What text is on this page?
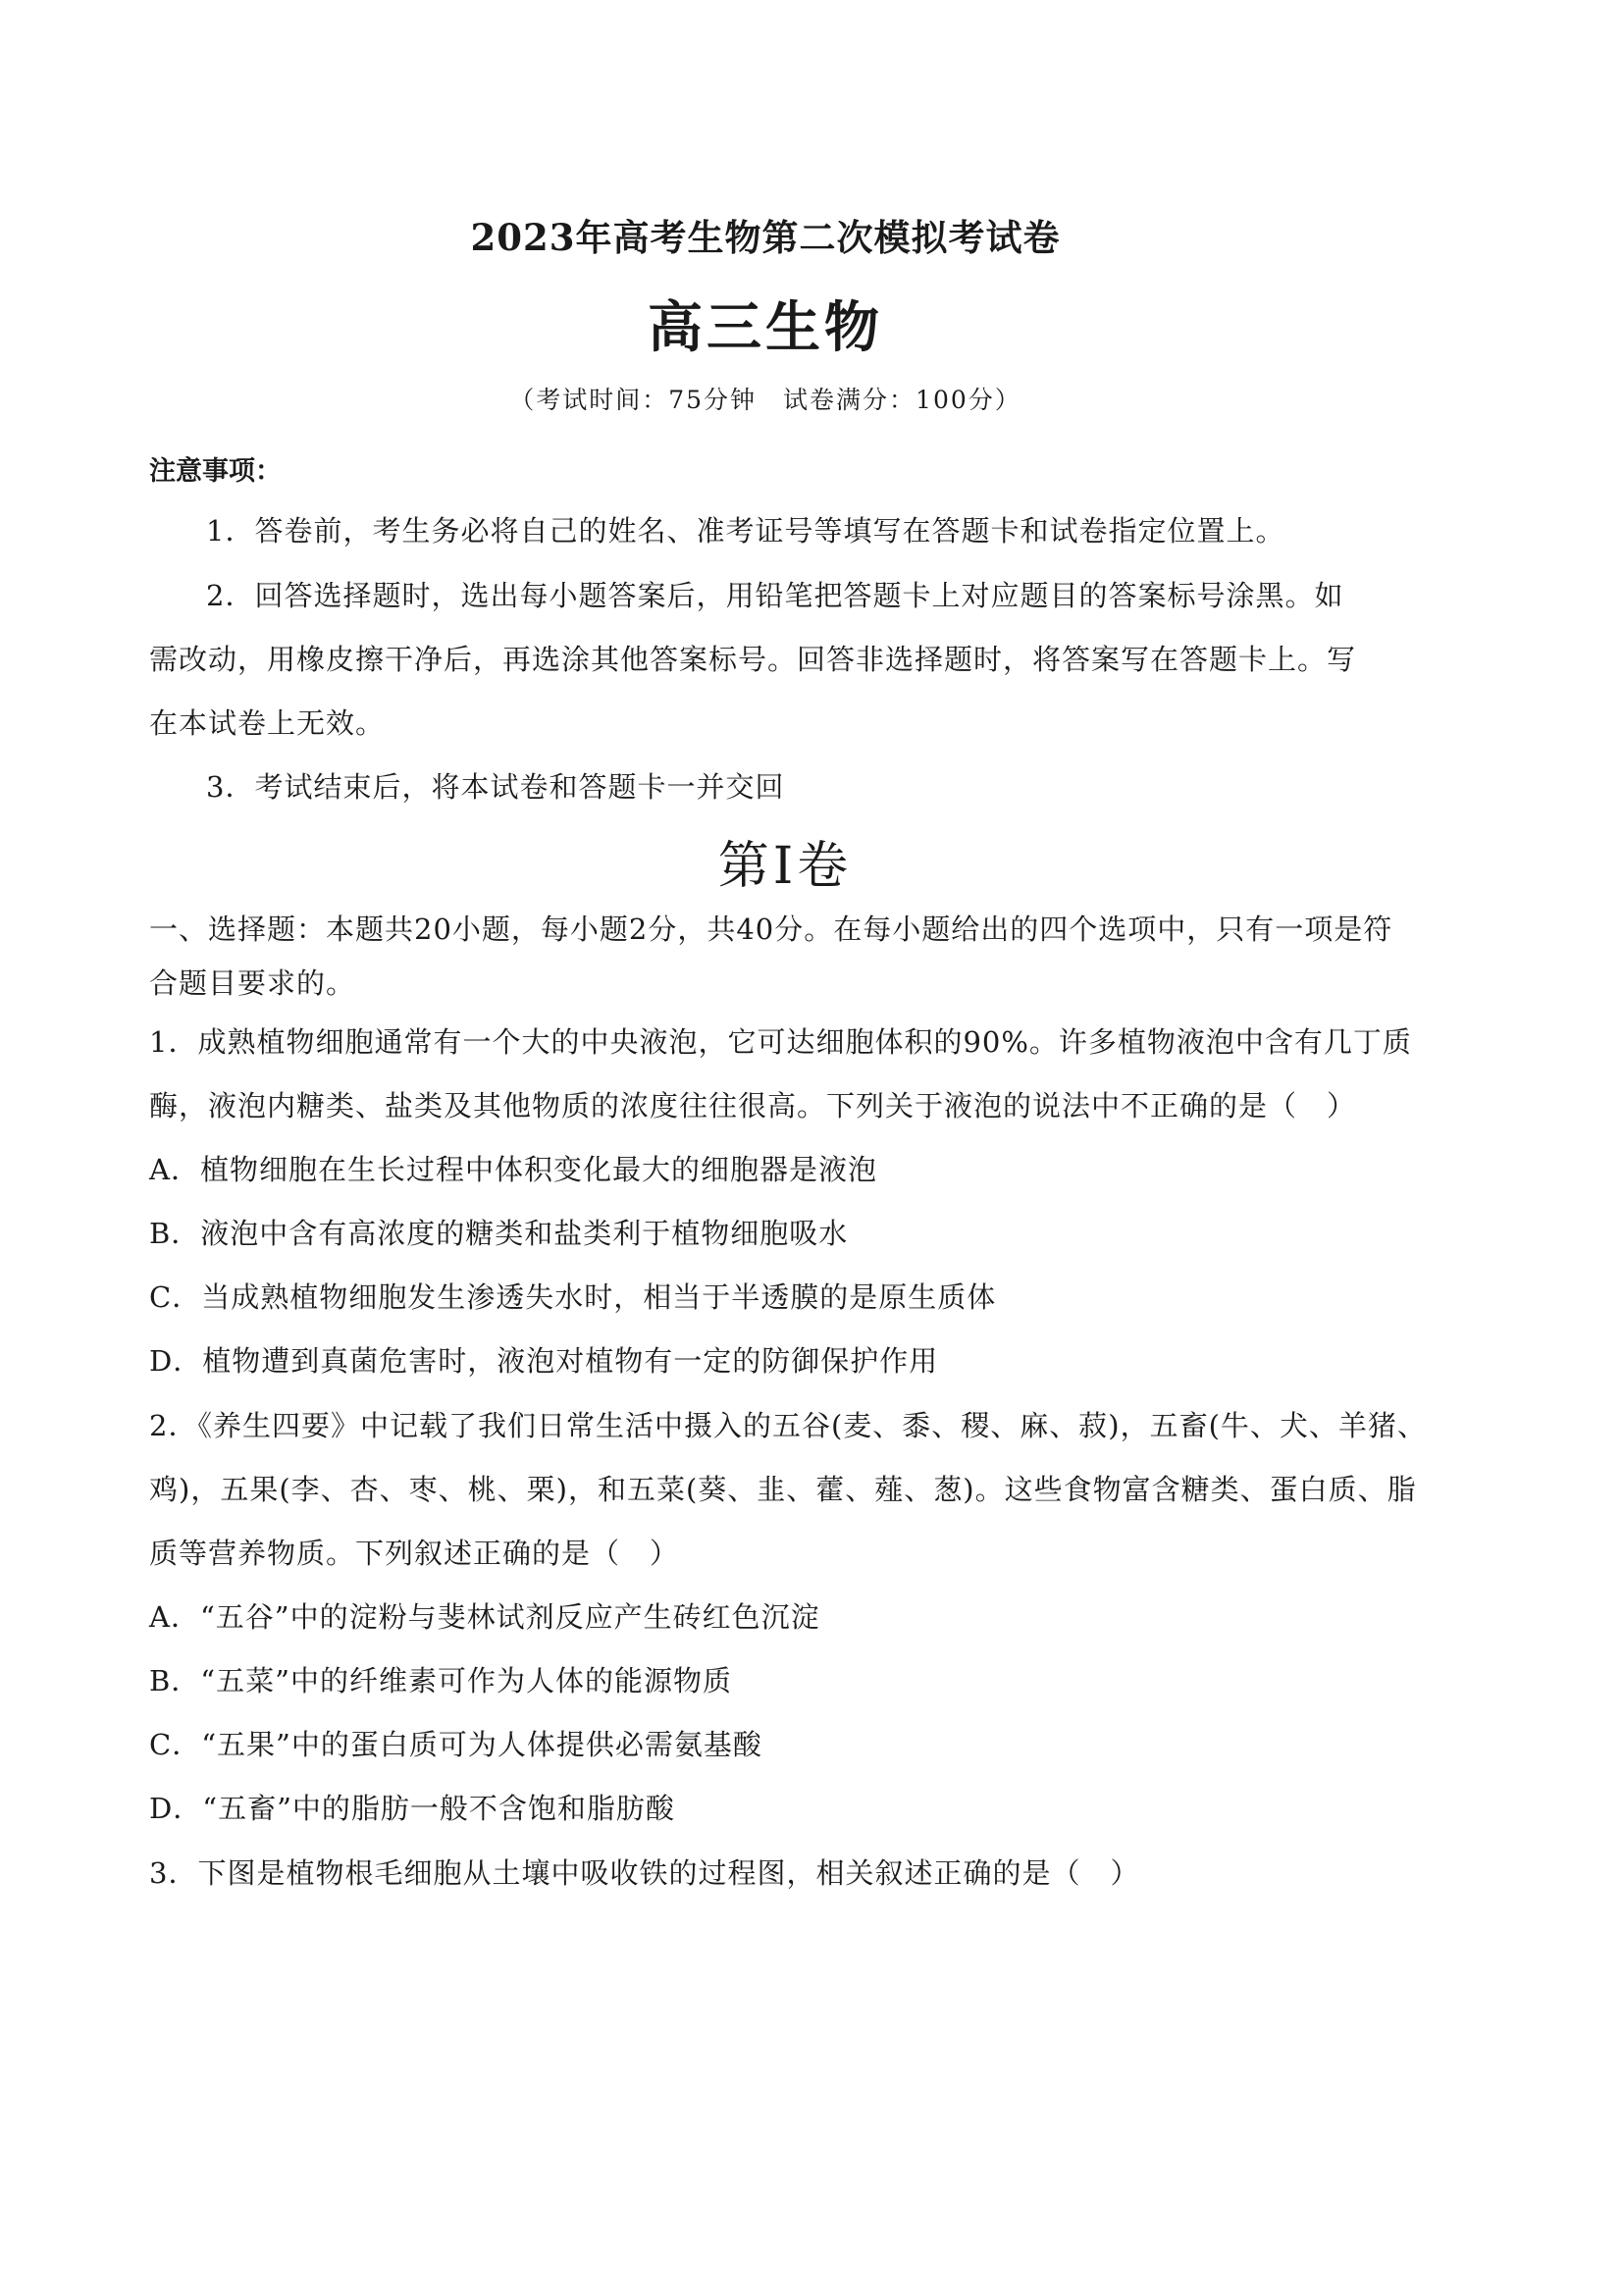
2023年高考生物第二次模拟考试卷
高三生物
（考试时间：75分钟　试卷满分：100分）
注意事项：
1．答卷前，考生务必将自己的姓名、准考证号等填写在答题卡和试卷指定位置上。
2．回答选择题时，选出每小题答案后，用铅笔把答题卡上对应题目的答案标号涂黑。如
需改动，用橡皮擦干净后，再选涂其他答案标号。回答非选择题时，将答案写在答题卡上。写
在本试卷上无效。
3．考试结束后，将本试卷和答题卡一并交回
第Ⅰ卷
一、选择题：本题共20小题，每小题2分，共40分。在每小题给出的四个选项中，只有一项是符
合题目要求的。
1．成熟植物细胞通常有一个大的中央液泡，它可达细胞体积的90%。许多植物液泡中含有几丁质
酶，液泡内糖类、盐类及其他物质的浓度往往很高。下列关于液泡的说法中不正确的是（　）
A．植物细胞在生长过程中体积变化最大的细胞器是液泡
B．液泡中含有高浓度的糖类和盐类利于植物细胞吸水
C．当成熟植物细胞发生渗透失水时，相当于半透膜的是原生质体
D．植物遭到真菌危害时，液泡对植物有一定的防御保护作用
2．《养生四要》中记载了我们日常生活中摄入的五谷(麦、黍、稷、麻、菽)，五畜(牛、犬、羊猪、
鸡)，五果(李、杏、枣、桃、栗)，和五菜(葵、韭、藿、薤、葱)。这些食物富含糖类、蛋白质、脂
质等营养物质。下列叙述正确的是（　）
A．“五谷”中的淀粉与斐林试剂反应产生砖红色沉淀
B．“五菜”中的纤维素可作为人体的能源物质
C．“五果”中的蛋白质可为人体提供必需氨基酸
D．“五畜”中的脂肪一般不含饱和脂肪酸
3．下图是植物根毛细胞从土壤中吸收铁的过程图，相关叙述正确的是（　）
